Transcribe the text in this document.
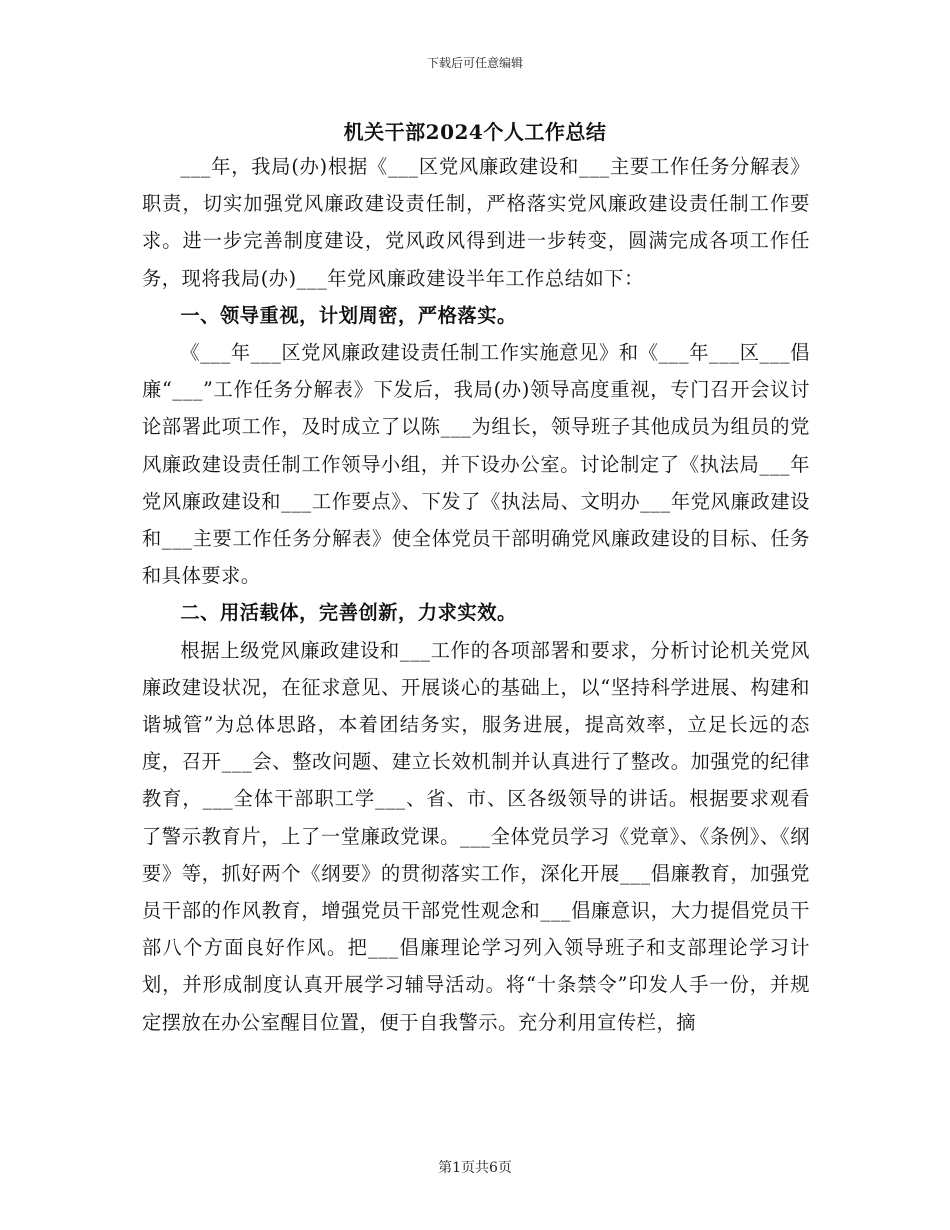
下载后可任意编辑
机关干部2024个人工作总结

___年，我局(办)根据《___区党风廉政建设和___主要工作任务分解表》职责，切实加强党风廉政建设责任制，严格落实党风廉政建设责任制工作要求。进一步完善制度建设，党风政风得到进一步转变，圆满完成各项工作任务，现将我局(办)___年党风廉政建设半年工作总结如下：

一、领导重视，计划周密，严格落实。

《___年___区党风廉政建设责任制工作实施意见》和《___年___区___倡廉“___”工作任务分解表》下发后，我局(办)领导高度重视，专门召开会议讨论部署此项工作，及时成立了以陈___为组长，领导班子其他成员为组员的党风廉政建设责任制工作领导小组，并下设办公室。讨论制定了《执法局___年党风廉政建设和___工作要点》、下发了《执法局、文明办___年党风廉政建设和___主要工作任务分解表》使全体党员干部明确党风廉政建设的目标、任务和具体要求。

二、用活载体，完善创新，力求实效。

根据上级党风廉政建设和___工作的各项部署和要求，分析讨论机关党风廉政建设状况，在征求意见、开展谈心的基础上，以“坚持科学进展、构建和谐城管”为总体思路，本着团结务实，服务进展，提高效率，立足长远的态度，召开___会、整改问题、建立长效机制并认真进行了整改。加强党的纪律教育，___全体干部职工学___、省、市、区各级领导的讲话。根据要求观看了警示教育片，上了一堂廉政党课。___全体党员学习《党章》、《条例》、《纲要》等，抓好两个《纲要》的贯彻落实工作，深化开展___倡廉教育，加强党员干部的作风教育，增强党员干部党性观念和___倡廉意识，大力提倡党员干部八个方面良好作风。把___倡廉理论学习列入领导班子和支部理论学习计划，并形成制度认真开展学习辅导活动。将“十条禁令”印发人手一份，并规定摆放在办公室醒目位置，便于自我警示。充分利用宣传栏，摘

第1页共6页
